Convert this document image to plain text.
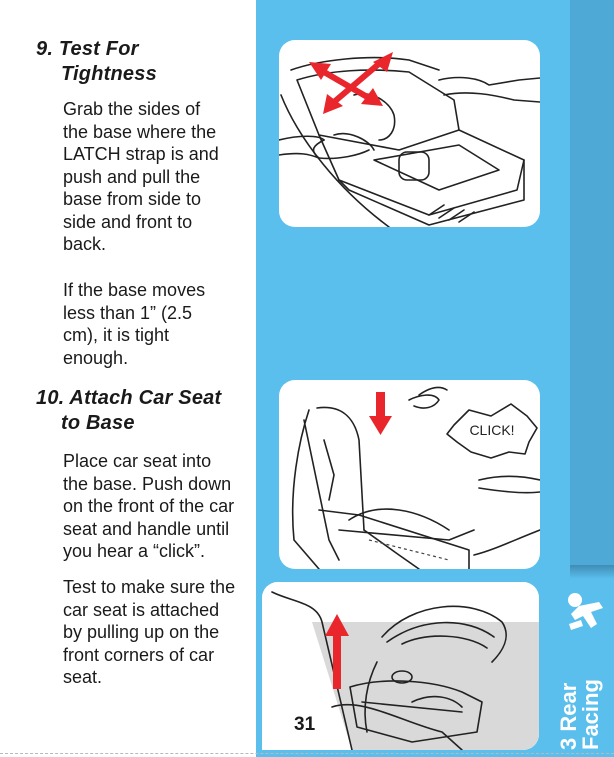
9. Test For
Tightness

Grab the sides of
the base where the
LATCH strap is and
push and pull the
base from side to
side and front to
back.

If the base moves
less than 1” (2.5
cm), it is tight
enough.

10. Attach Car Seat
to Base

Place car seat into
the base. Push down
on the front of the car
seat and handle until
you hear a “click”.

Test to make sure the
car seat is attached
by pulling up on the
front corners of car
seat.

CLICK!
3 Rear
Facing
31
